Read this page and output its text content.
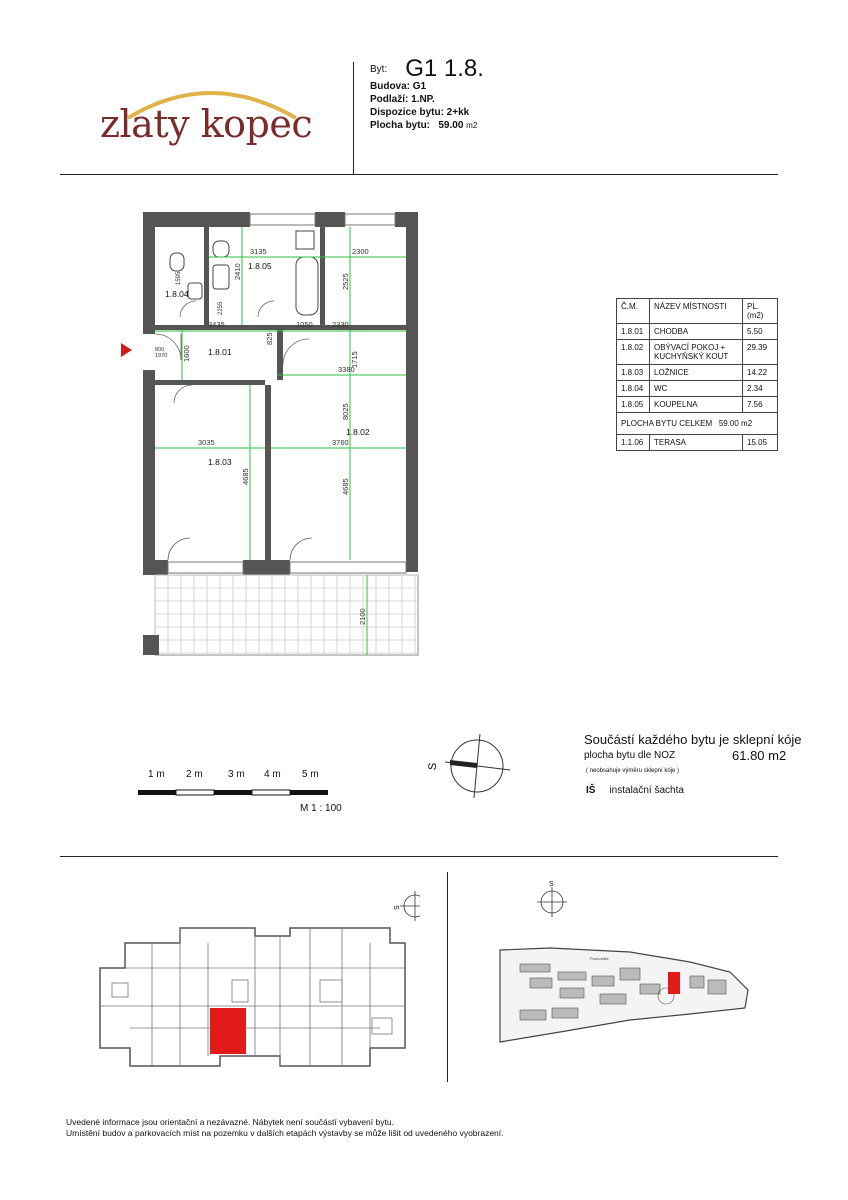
zlaty kopec
Byt: G1 1.8.
Budova: G1
Podlaží: 1.NP.
Dispozice bytu: 2+kk
Plocha bytu: 59.00 m2
3135	2300
3435	1050	2330
3380
3035	3760
2410
2525
1600
825
1715
8025
4685
4685
2100
1595
2255
800
1970
1.8.05
1.8.04
1.8.01
1.8.02
1.8.03
Č.M.	NÁZEV MÍSTNOSTI	PL. (m2)
1.8.01	CHODBA	5.50
1.8.02	OBÝVACÍ POKOJ + KUCHYŇSKÝ KOUT	29.39
1.8.03	LOŽNICE	14.22
1.8.04	WC	2.34
1.8.05	KOUPELNA	7.56
PLOCHA BYTU CELKEM 59.00 m2		
1.1.06	TERASA	15.05
S
1 m 2 m	3 m 4 m 5 m
M 1 : 100
Součástí každého bytu je sklepní kóje
plocha bytu dle NOZ	61.80 m2
( neobsahuje výměru sklepní kóje )
IŠ instalační šachta
S
S
Parkoviště
Uvedené informace jsou orientační a nezávazné. Nábytek není součástí vybavení bytu.
Umístění budov a parkovacích míst na pozemku v dalších etapách výstavby se může lišit od uvedeného vyobrazení.
